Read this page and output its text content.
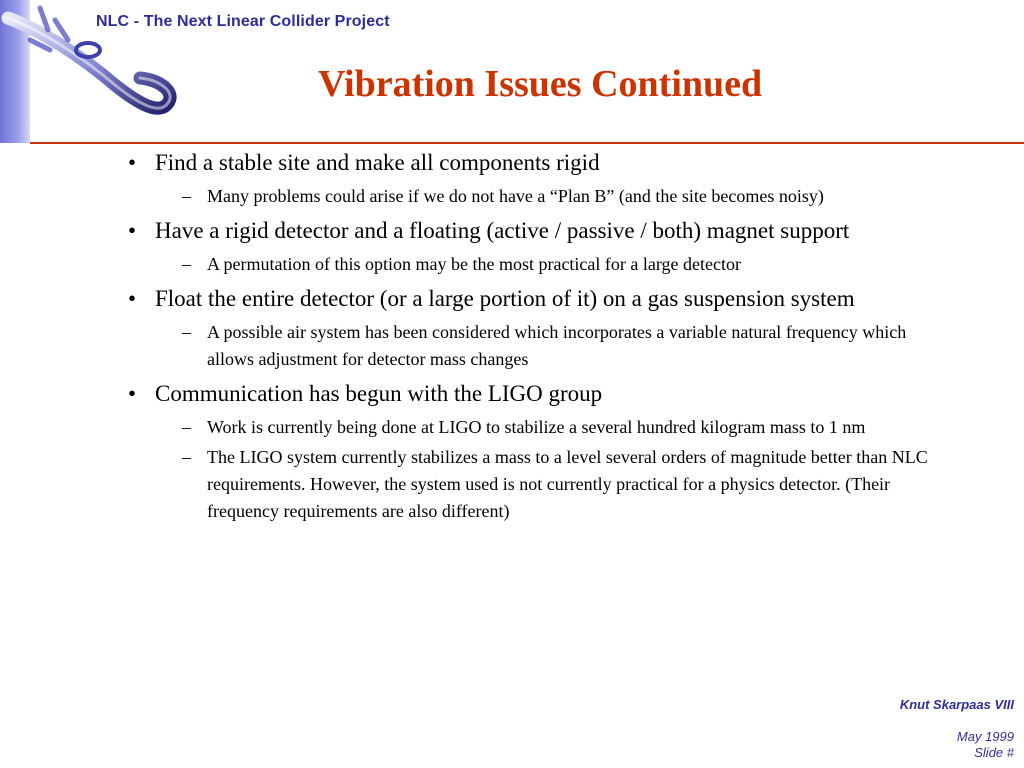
NLC - The Next Linear Collider Project
Vibration Issues Continued
• Find a stable site and make all components rigid
– Many problems could arise if we do not have a “Plan B” (and the site becomes noisy)
• Have a rigid detector and a floating (active / passive / both) magnet support
– A permutation of this option may be the most practical for a large detector
• Float the entire detector (or a large portion of it) on a gas suspension system
– A possible air system has been considered which incorporates a variable natural frequency which allows adjustment for detector mass changes
• Communication has begun with the LIGO group
– Work is currently being done at LIGO to stabilize a several hundred kilogram mass to 1 nm
– The LIGO system currently stabilizes a mass to a level several orders of magnitude better than NLC requirements. However, the system used is not currently practical for a physics detector. (Their frequency requirements are also different)
Knut Skarpaas VIII
May 1999
Slide #
